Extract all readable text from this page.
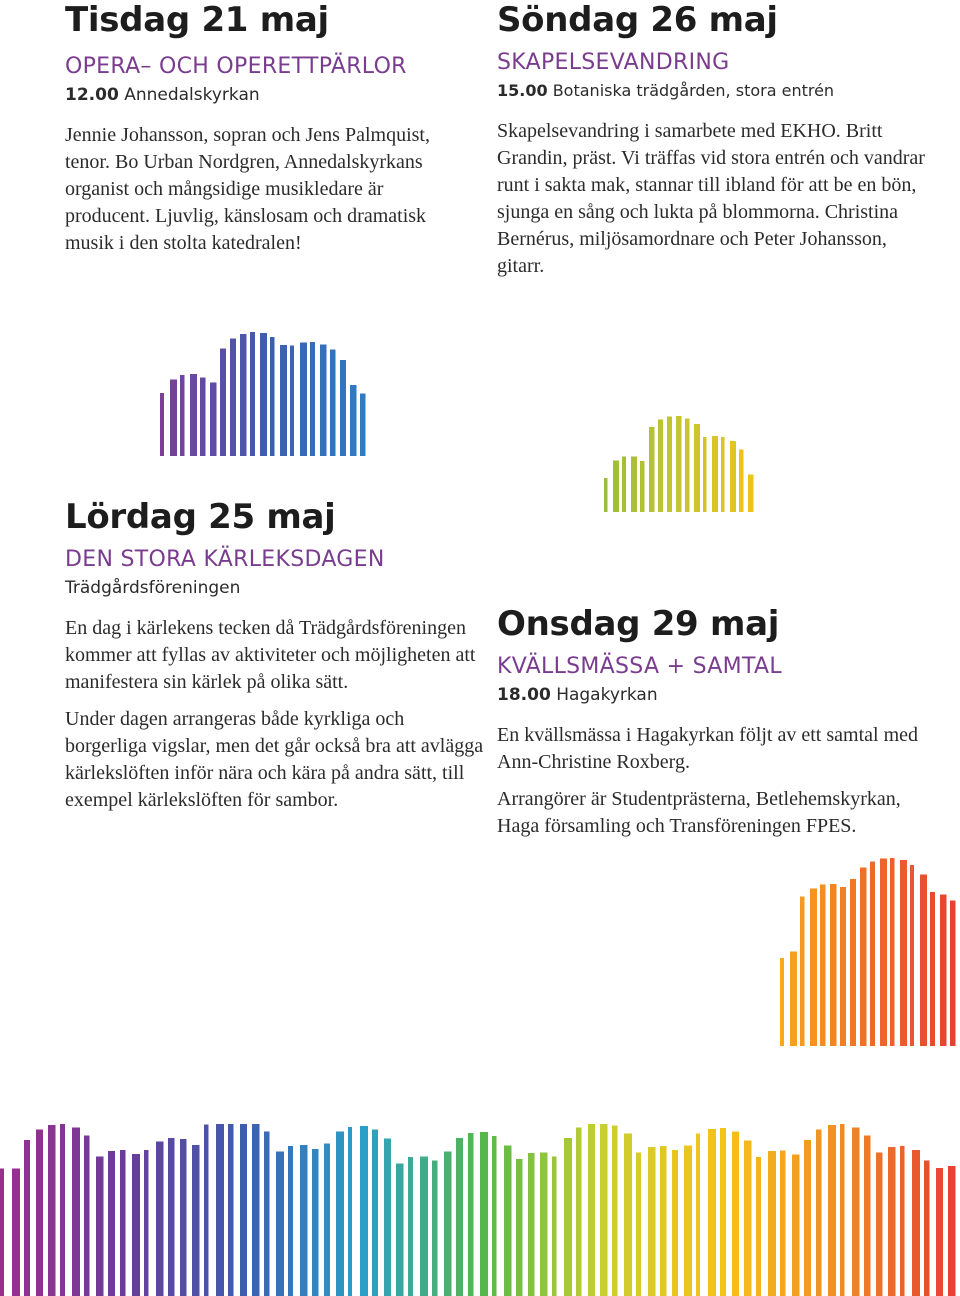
Tisdag 21 maj
OPERA– OCH OPERETTPÄRLOR
12.00 Annedalskyrkan

Jennie Johansson, sopran och Jens Palmquist, tenor. Bo Urban Nordgren, Annedalskyrkans organist och mångsidige musikledare är producent. Ljuvlig, känslosam och dramatisk musik i den stolta katedralen!

Söndag 26 maj
SKAPELSEVANDRING
15.00 Botaniska trädgården, stora entrén

Skapelsevandring i samarbete med EKHO. Britt Grandin, präst. Vi träffas vid stora entrén och vandrar runt i sakta mak, stannar till ibland för att be en bön, sjunga en sång och lukta på blommorna. Christina Bernérus, miljösamordnare och Peter Johansson, gitarr.

Lördag 25 maj
DEN STORA KÄRLEKSDAGEN
Trädgårdsföreningen

En dag i kärlekens tecken då Trädgårdsföreningen kommer att fyllas av aktiviteter och möjligheten att manifestera sin kärlek på olika sätt.

Under dagen arrangeras både kyrkliga och borgerliga vigslar, men det går också bra att avlägga kärlekslöften inför nära och kära på andra sätt, till exempel kärlekslöften för sambor.

Onsdag 29 maj
KVÄLLSMÄSSA + SAMTAL
18.00 Hagakyrkan

En kvällsmässa i Hagakyrkan följt av ett samtal med Ann-Christine Roxberg.

Arrangörer är Studentprästerna, Betlehemskyrkan, Haga församling och Transföreningen FPES.
